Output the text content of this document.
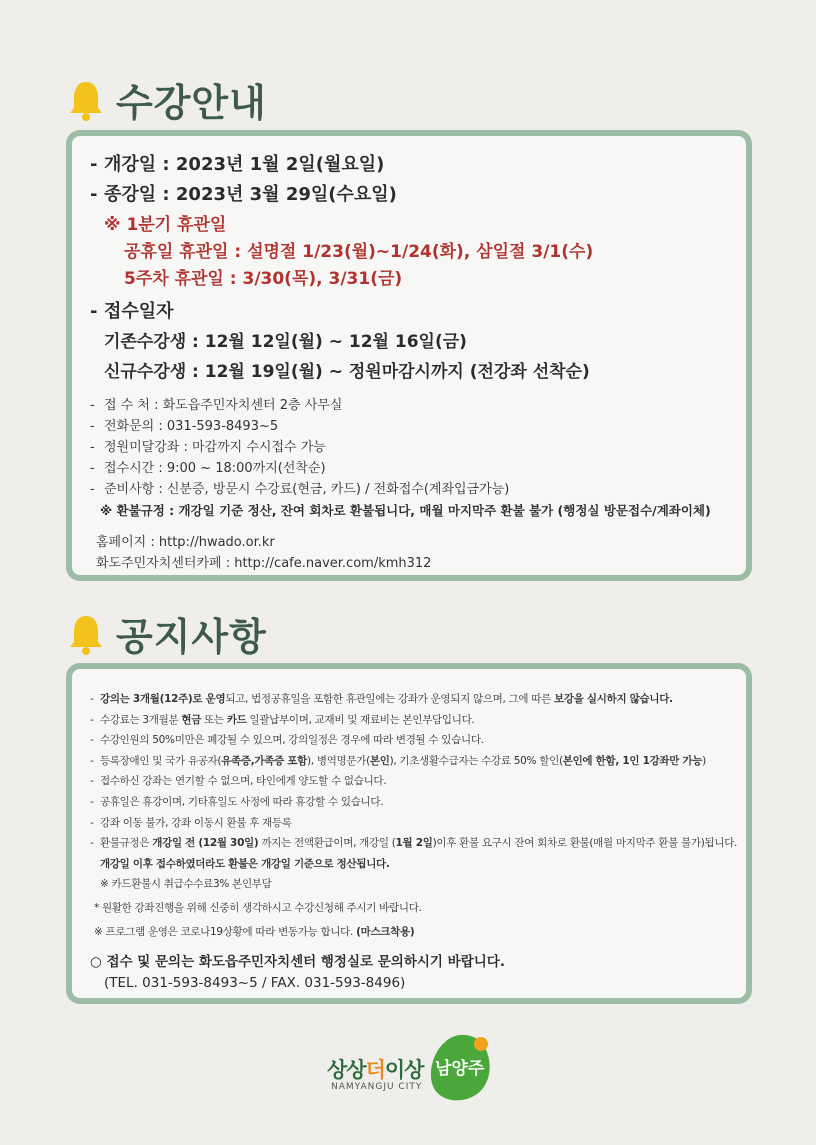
수강안내
- 개강일 : 2023년 1월 2일(월요일)
- 종강일 : 2023년 3월 29일(수요일)
※ 1분기 휴관일
공휴일 휴관일 : 설명절 1/23(월)~1/24(화), 삼일절 3/1(수)
5주차 휴관일 : 3/30(목), 3/31(금)
- 접수일자
기존수강생 : 12월 12일(월) ~ 12월 16일(금)
신규수강생 : 12월 19일(월) ~ 정원마감시까지 (전강좌 선착순)
- 접 수 처 : 화도읍주민자치센터 2층 사무실
- 전화문의 : 031-593-8493~5
- 정원미달강좌 : 마감까지 수시접수 가능
- 접수시간 : 9:00 ~ 18:00까지(선착순)
- 준비사항 : 신분증, 방문시 수강료(현금, 카드) / 전화접수(계좌입금가능)
※ 환불규정 : 개강일 기준 정산, 잔여 회차로 환불됩니다, 매월 마지막주 환불 불가 (행정실 방문접수/계좌이체)
홈페이지 : http://hwado.or.kr
화도주민자치센터카페 : http://cafe.naver.com/kmh312
공지사항
- 강의는 3개월(12주)로 운영되고, 법정공휴일을 포함한 휴관일에는 강좌가 운영되지 않으며, 그에 따른 보강을 실시하지 않습니다.
- 수강료는 3개월분 현금 또는 카드 일괄납부이며, 교재비 및 재료비는 본인부담입니다.
- 수강인원의 50%미만은 폐강될 수 있으며, 강의일정은 경우에 따라 변경될 수 있습니다.
- 등록장애인 및 국가 유공자(유족증,가족증 포함), 병역명문가(본인), 기초생활수급자는 수강료 50% 할인(본인에 한함, 1인 1강좌만 가능)
- 접수하신 강좌는 연기할 수 없으며, 타인에게 양도할 수 없습니다.
- 공휴일은 휴강이며, 기타휴일도 사정에 따라 휴강할 수 있습니다.
- 강좌 이동 불가, 강좌 이동시 환불 후 재등록
- 환불규정은 개강일 전 (12월 30일) 까지는 전액환급이며, 개강일 (1월 2일)이후 환불 요구시 잔여 회차로 환불(매월 마지막주 환불 불가)됩니다.
개강일 이후 접수하였더라도 환불은 개강일 기준으로 정산됩니다.
※ 카드환불시 취급수수료3% 본인부담
* 원활한 강좌진행을 위해 신중히 생각하시고 수강신청해 주시기 바랍니다.
※ 프로그램 운영은 코로나19상황에 따라 변동가능 합니다. (마스크착용)
○ 접수 및 문의는 화도읍주민자치센터 행정실로 문의하시기 바랍니다.
(TEL. 031-593-8493~5 / FAX. 031-593-8496)
상상더이상
NAMYANGJU CITY
남양주
